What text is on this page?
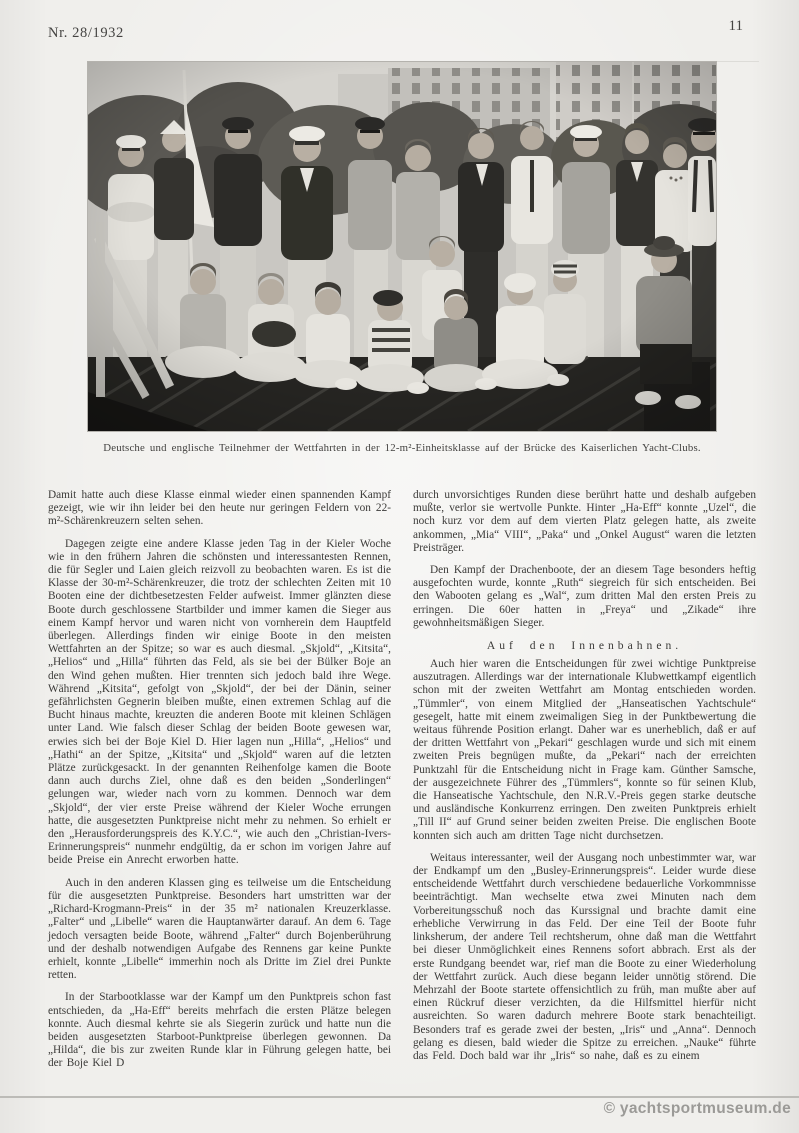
Nr. 28/1932	11
Deutsche und englische Teilnehmer der Wettfahrten in der 12-m²-Einheitsklasse auf der Brücke des Kaiserlichen Yacht-Clubs.

Damit hatte auch diese Klasse einmal wieder einen spannenden Kampf gezeigt, wie wir ihn leider bei den heute nur geringen Feldern von 22-m²-Schärenkreuzern selten sehen.

Dagegen zeigte eine andere Klasse jeden Tag in der Kieler Woche wie in den frühern Jahren die schönsten und interessantesten Rennen, die für Segler und Laien gleich reizvoll zu beobachten waren. Es ist die Klasse der 30-m²-Schärenkreuzer, die trotz der schlechten Zeiten mit 10 Booten eine der dichtbesetzesten Felder aufweist. Immer glänzten diese Boote durch geschlossene Startbilder und immer kamen die Sieger aus einem Kampf hervor und waren nicht von vornherein dem Hauptfeld überlegen. Allerdings finden wir einige Boote in den meisten Wettfahrten an der Spitze; so war es auch diesmal. „Skjold“, „Kitsita“, „Helios“ und „Hilla“ führten das Feld, als sie bei der Bülker Boje an den Wind gehen mußten. Hier trennten sich jedoch bald ihre Wege. Während „Kitsita“, gefolgt von „Skjold“, der bei der Dänin, seiner gefährlichsten Gegnerin bleiben mußte, einen extremen Schlag auf die Bucht hinaus machte, kreuzten die anderen Boote mit kleinen Schlägen unter Land. Wie falsch dieser Schlag der beiden Boote gewesen war, erwies sich bei der Boje Kiel D. Hier lagen nun „Hilla“, „Helios“ und „Hathi“ an der Spitze, „Kitsita“ und „Skjold“ waren auf die letzten Plätze zurückgesackt. In der genannten Reihenfolge kamen die Boote dann auch durchs Ziel, ohne daß es den beiden „Sonderlingen“ gelungen war, wieder nach vorn zu kommen. Dennoch war dem „Skjold“, der vier erste Preise während der Kieler Woche errungen hatte, die ausgesetzten Punktpreise nicht mehr zu nehmen. So erhielt er den „Herausforderungspreis des K.Y.C.“, wie auch den „Christian-Ivers-Erinnerungspreis“ nunmehr endgültig, da er schon im vorigen Jahre auf beide Preise ein Anrecht erworben hatte.

Auch in den anderen Klassen ging es teilweise um die Entscheidung für die ausgesetzten Punktpreise. Besonders hart umstritten war der „Richard-Krogmann-Preis“ in der 35 m² nationalen Kreuzerklasse. „Falter“ und „Libelle“ waren die Hauptanwärter darauf. An dem 6. Tage jedoch versagten beide Boote, während „Falter“ durch Bojenberührung und der deshalb notwendigen Aufgabe des Rennens gar keine Punkte erhielt, konnte „Libelle“ immerhin noch als Dritte im Ziel drei Punkte retten.

In der Starbootklasse war der Kampf um den Punktpreis schon fast entschieden, da „Ha-Eff“ bereits mehrfach die ersten Plätze belegen konnte. Auch diesmal kehrte sie als Siegerin zurück und hatte nun die beiden ausgesetzten Starboot-Punktpreise überlegen gewonnen. Da „Hilda“, die bis zur zweiten Runde klar in Führung gelegen hatte, bei der Boje Kiel D

durch unvorsichtiges Runden diese berührt hatte und deshalb aufgeben mußte, verlor sie wertvolle Punkte. Hinter „Ha-Eff“ konnte „Uzel“, die noch kurz vor dem auf dem vierten Platz gelegen hatte, als zweite ankommen, „Mia“ VIII“, „Paka“ und „Onkel August“ waren die letzten Preisträger.

Den Kampf der Drachenboote, der an diesem Tage besonders heftig ausgefochten wurde, konnte „Ruth“ siegreich für sich entscheiden. Bei den Wabooten gelang es „Wal“, zum dritten Mal den ersten Preis zu erringen. Die 60er hatten in „Freya“ und „Zikade“ ihre gewohnheitsmäßigen Sieger.

Auf den Innenbahnen.

Auch hier waren die Entscheidungen für zwei wichtige Punktpreise auszutragen. Allerdings war der internationale Klubwettkampf eigentlich schon mit der zweiten Wettfahrt am Montag entschieden worden. „Tümmler“, von einem Mitglied der „Hanseatischen Yachtschule“ gesegelt, hatte mit einem zweimaligen Sieg in der Punktbewertung die weitaus führende Position erlangt. Daher war es unerheblich, daß er auf der dritten Wettfahrt von „Pekari“ geschlagen wurde und sich mit einem zweiten Preis begnügen mußte, da „Pekari“ nach der erreichten Punktzahl für die Entscheidung nicht in Frage kam. Günther Samsche, der ausgezeichnete Führer des „Tümmlers“, konnte so für seinen Klub, die Hanseatische Yachtschule, den N.R.V.-Preis gegen starke deutsche und ausländische Konkurrenz erringen. Den zweiten Punktpreis erhielt „Till II“ auf Grund seiner beiden zweiten Preise. Die englischen Boote konnten sich auch am dritten Tage nicht durchsetzen.

Weitaus interessanter, weil der Ausgang noch unbestimmter war, war der Endkampf um den „Busley-Erinnerungspreis“. Leider wurde diese entscheidende Wettfahrt durch verschiedene bedauerliche Vorkommnisse beeinträchtigt. Man wechselte etwa zwei Minuten nach dem Vorbereitungsschuß noch das Kurssignal und brachte damit eine erhebliche Verwirrung in das Feld. Der eine Teil der Boote fuhr linksherum, der andere Teil rechtsherum, ohne daß man die Wettfahrt bei dieser Unmöglichkeit eines Rennens sofort abbrach. Erst als der erste Rundgang beendet war, rief man die Boote zu einer Wiederholung der Wettfahrt zurück. Auch diese begann leider unnötig störend. Die Mehrzahl der Boote startete offensichtlich zu früh, man mußte aber auf einen Rückruf dieser verzichten, da die Hilfsmittel hierfür nicht ausreichten. So waren dadurch mehrere Boote stark benachteiligt. Besonders traf es gerade zwei der besten, „Iris“ und „Anna“. Dennoch gelang es diesen, bald wieder die Spitze zu erreichen. „Nauke“ führte das Feld. Doch bald war ihr „Iris“ so nahe, daß es zu einem

© yachtsportmuseum.de
